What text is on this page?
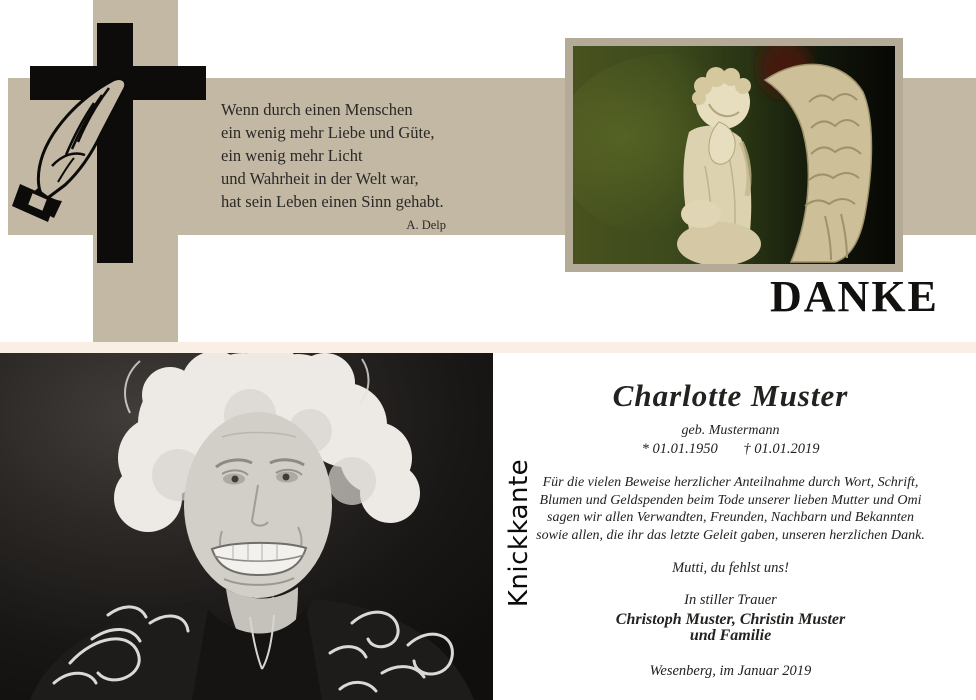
Wenn durch einen Menschen
ein wenig mehr Liebe und Güte,
ein wenig mehr Licht
und Wahrheit in der Welt war,
hat sein Leben einen Sinn gehabt.
A. Delp
DANKE
Knickkante
Charlotte Muster
geb. Mustermann
* 01.01.1950 † 01.01.2019
Für die vielen Beweise herzlicher Anteilnahme durch Wort, Schrift,
Blumen und Geldspenden beim Tode unserer lieben Mutter und Omi
sagen wir allen Verwandten, Freunden, Nachbarn und Bekannten
sowie allen, die ihr das letzte Geleit gaben, unseren herzlichen Dank.
Mutti, du fehlst uns!
In stiller Trauer
Christoph Muster, Christin Muster
und Familie
Wesenberg, im Januar 2019
